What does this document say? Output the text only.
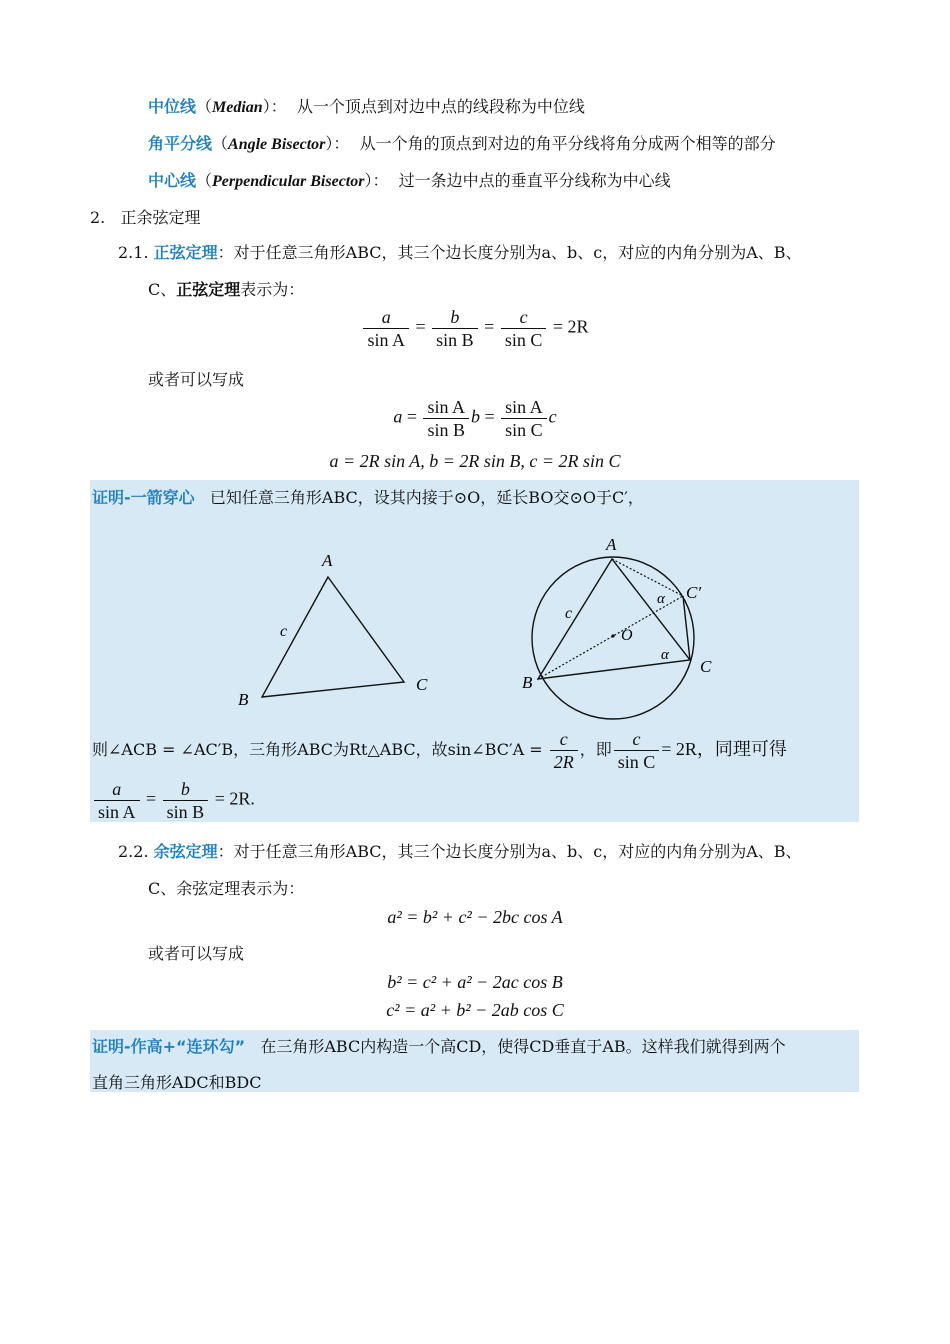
中位线（Median）：  从一个顶点到对边中点的线段称为中位线
角平分线（Angle Bisector）：  从一个角的顶点到对边的角平分线将角分成两个相等的部分
中心线（Perpendicular Bisector）：  过一条边中点的垂直平分线称为中心线
2. 正余弦定理
2.1. 正弦定理：对于任意三角形ABC，其三个边长度分别为a、b、c，对应的内角分别为A、B、
C、正弦定理表示为：
$\frac{a}{\text{sin A}} = \frac{b}{\text{sin B}} = \frac{c}{\text{sin C}} = 2R$
或者可以写成
$a = \frac{\text{sin A}}{\text{sin B}}$ $b = \frac{\text{sin A}}{\text{sin C}}$ c
a = 2R sin A, b = 2R sin B, c = 2R sin C
证明-一箭穿心 已知任意三角形ABC，设其内接于⊙O，延长BO交⊙O于C′，
A
B
C
c
A
B
C
C′
O
c
α
α
则∠ACB = ∠AC′B，三角形ABC为Rt△ABC，故sin∠BC′A = $\frac{c}{2R}$ ，即 $\frac{c}{\text{sin C}} = 2R$，同理可得
$\frac{a}{\text{sin A}} = \frac{b}{\text{sin B}} = 2R$.
2.2. 余弦定理：对于任意三角形ABC，其三个边长度分别为a、b、c，对应的内角分别为A、B、
C、余弦定理表示为：
a² = b² + c² − 2bc cos A
或者可以写成
b² = c² + a² − 2ac cos B
c² = a² + b² − 2ab cos C
证明-作高+“连环勾” 在三角形ABC内构造一个高CD，使得CD垂直于AB。这样我们就得到两个
直角三角形ADC和BDC
